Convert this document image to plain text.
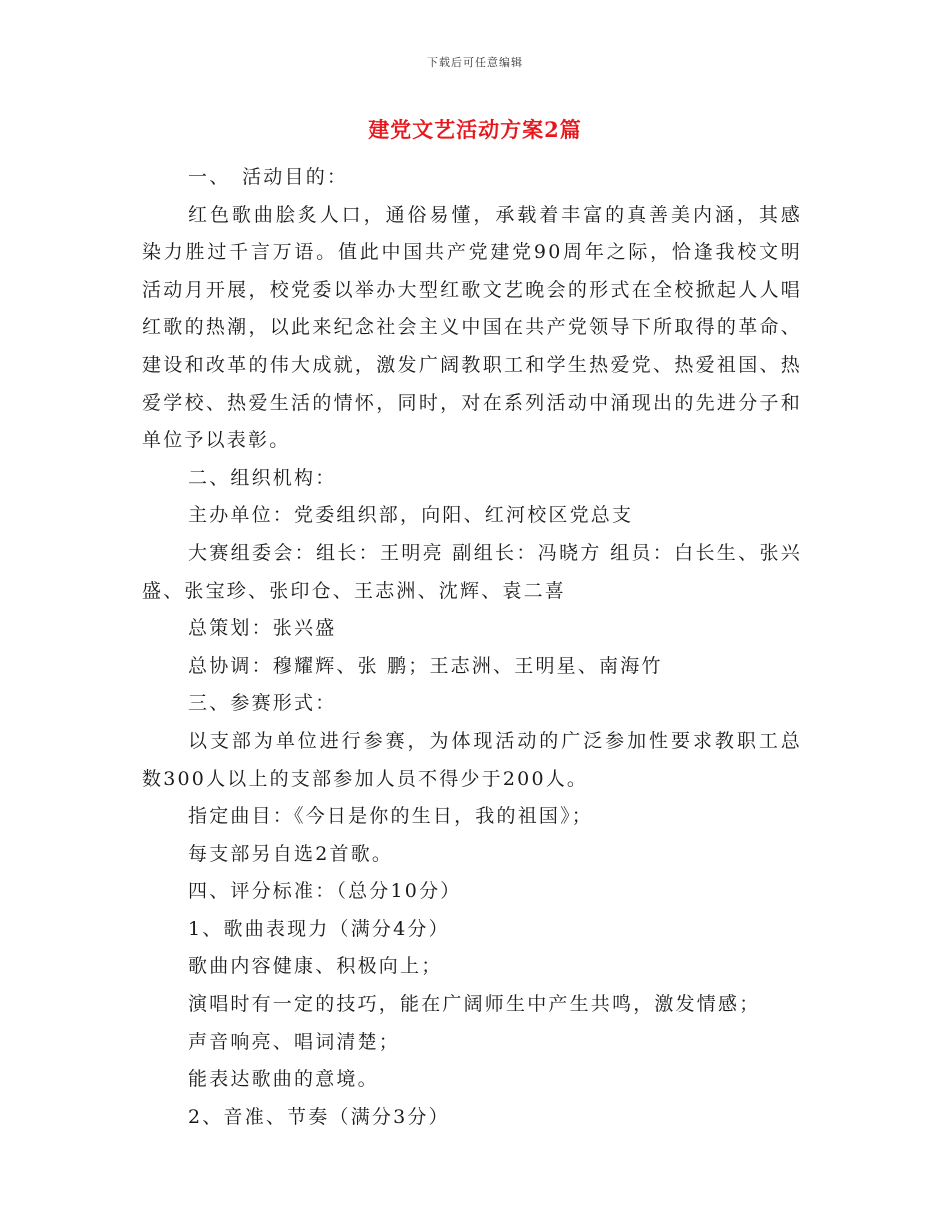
下载后可任意编辑
建党文艺活动方案2篇

一、　活动目的：

红色歌曲脍炙人口，通俗易懂，承载着丰富的真善美内涵，其感染力胜过千言万语。值此中国共产党建党90周年之际，恰逢我校文明活动月开展，校党委以举办大型红歌文艺晚会的形式在全校掀起人人唱红歌的热潮，以此来纪念社会主义中国在共产党领导下所取得的革命、建设和改革的伟大成就，激发广阔教职工和学生热爱党、热爱祖国、热爱学校、热爱生活的情怀，同时，对在系列活动中涌现出的先进分子和单位予以表彰。

二、组织机构：

主办单位：党委组织部，向阳、红河校区党总支

大赛组委会：组长：王明亮 副组长：冯晓方 组员：白长生、张兴盛、张宝珍、张印仓、王志洲、沈辉、袁二喜

总策划：张兴盛

总协调：穆耀辉、张 鹏；王志洲、王明星、南海竹

三、参赛形式：

以支部为单位进行参赛，为体现活动的广泛参加性要求教职工总数300人以上的支部参加人员不得少于200人。

指定曲目：《今日是你的生日，我的祖国》；

每支部另自选2首歌。

四、评分标准：（总分10分）

1、歌曲表现力（满分4分）

歌曲内容健康、积极向上；

演唱时有一定的技巧，能在广阔师生中产生共鸣，激发情感；

声音响亮、唱词清楚；

能表达歌曲的意境。

2、音准、节奏（满分3分）
